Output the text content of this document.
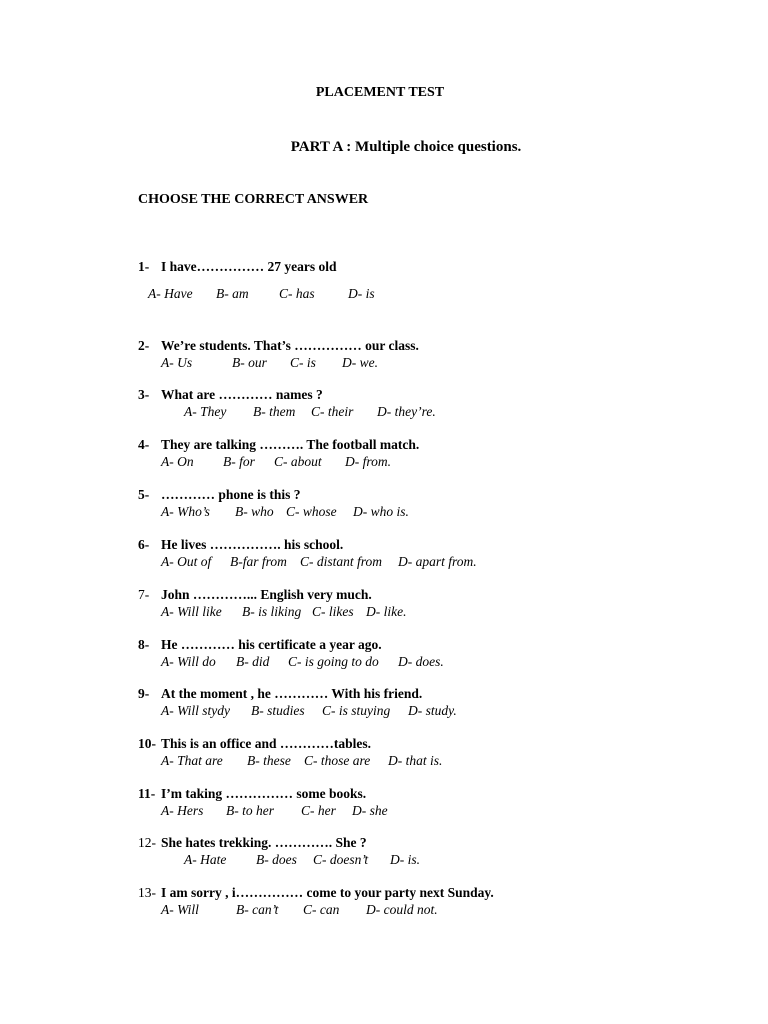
PLACEMENT TEST
PART A : Multiple choice questions.
CHOOSE THE CORRECT ANSWER
1- I have…………… 27 years old
A- Have B- am C- has D- is
2- We’re students. That’s …………… our class.
A- Us	B- our C- is D- we.
3- What are ………… names ?
A- They B- them C- their D- they’re.
4- They are talking ………. The football match.
A- On B- for C- about D- from.
5- ………… phone is this ?
A- Who’s B- who C- whose D- who is.
6- He lives ……………. his school.
A- Out of B-far from C- distant from D- apart from.
7- John …………... English very much.
A- Will like B- is liking C- likes D- like.
8- He ………… his certificate a year ago.
A- Will do B- did C- is going to do D- does.
9- At the moment , he ………… With his friend.
A- Will stydy B- studies C- is stuying D- study.
10- This is an office and …………tables.
A- That are B- these C- those are D- that is.
11- I’m taking …………… some books.
A- Hers B- to her C- her D- she
12- She hates trekking. …………. She ?
A- Hate B- does C- doesn’t D- is.
13- I am sorry , i…………… come to your party next Sunday.
A- Will	B- can’t C- can D- could not.
